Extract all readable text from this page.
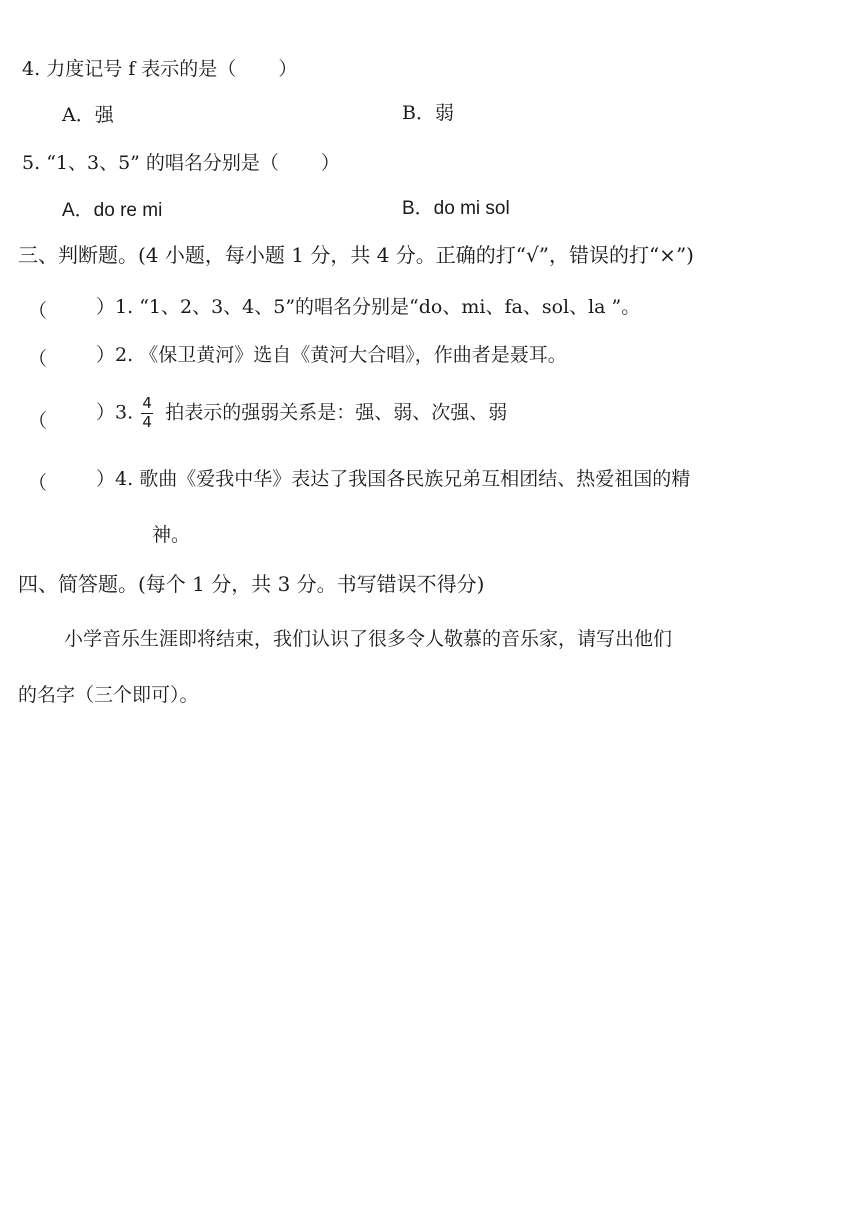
4. 力度记号 f 表示的是（ ）
A．强	B．弱
5. “1、3、5” 的唱名分别是（ ）
A．do re mi	B．do mi sol
三、判断题。(4 小题，每小题 1 分，共 4 分。正确的打“√”，错误的打“×”)
（	）1. “1、2、3、4、5”的唱名分别是“do、mi、fa、sol、la ”。
（	）2. 《保卫黄河》选自《黄河大合唱》，作曲者是聂耳。
（	）3. $\frac{4}{4}$ 拍表示的强弱关系是：强、弱、次强、弱
（	）4. 歌曲《爱我中华》表达了我国各民族兄弟互相团结、热爱祖国的精
神。
四、简答题。(每个 1 分，共 3 分。书写错误不得分)
小学音乐生涯即将结束，我们认识了很多令人敬慕的音乐家，请写出他们
的名字（三个即可）。
